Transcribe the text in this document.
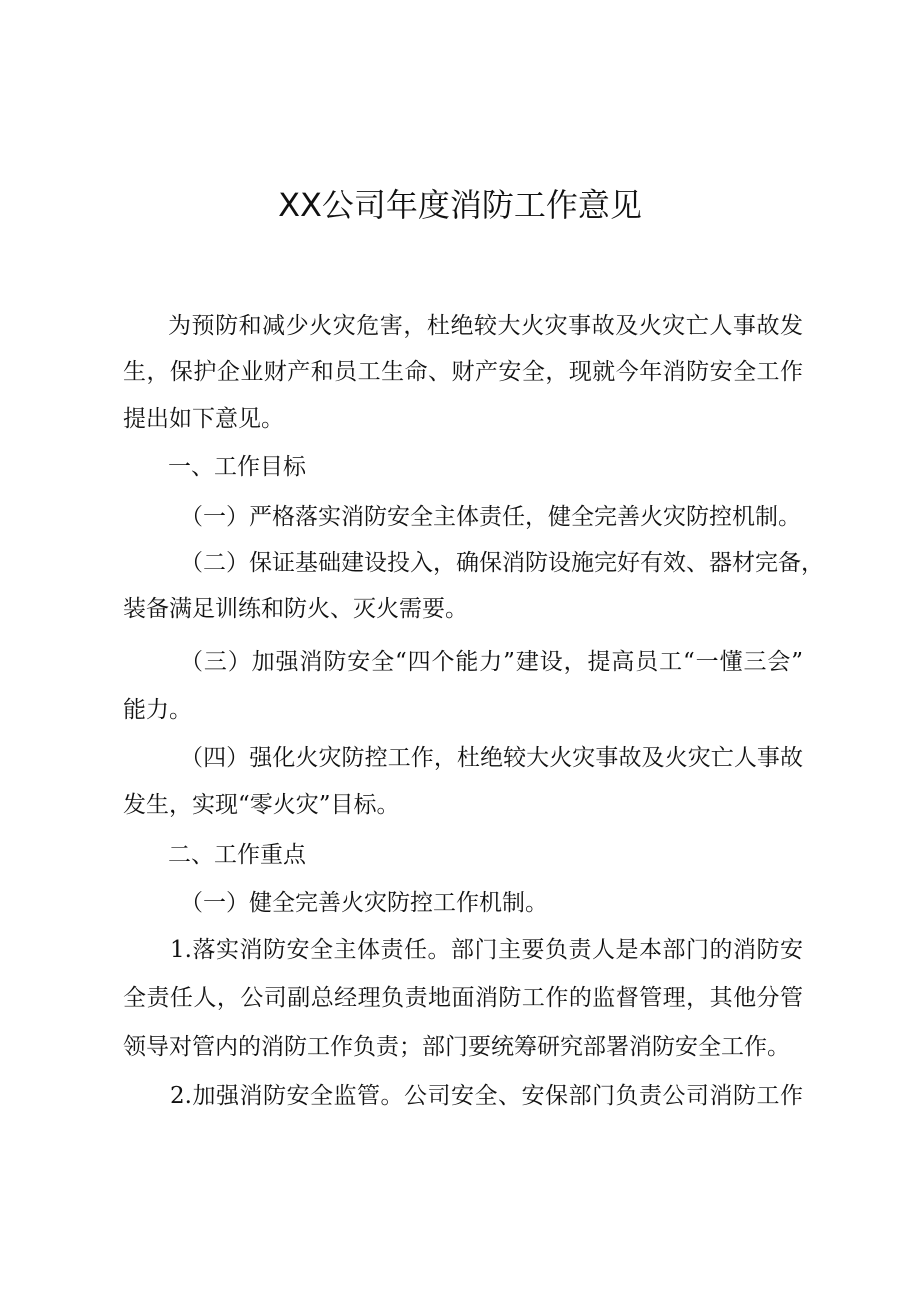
XX公司年度消防工作意见
为预防和减少火灾危害，杜绝较大火灾事故及火灾亡人事故发
生，保护企业财产和员工生命、财产安全，现就今年消防安全工作
提出如下意见。
一、工作目标
（一）严格落实消防安全主体责任，健全完善火灾防控机制。
（二）保证基础建设投入，确保消防设施完好有效、器材完备，
装备满足训练和防火、灭火需要。
（三）加强消防安全“四个能力”建设，提高员工“一懂三会”
能力。
（四）强化火灾防控工作，杜绝较大火灾事故及火灾亡人事故
发生，实现“零火灾”目标。
二、工作重点
（一）健全完善火灾防控工作机制。
1.落实消防安全主体责任。部门主要负责人是本部门的消防安
全责任人，公司副总经理负责地面消防工作的监督管理，其他分管
领导对管内的消防工作负责；部门要统筹研究部署消防安全工作。
2.加强消防安全监管。公司安全、安保部门负责公司消防工作
